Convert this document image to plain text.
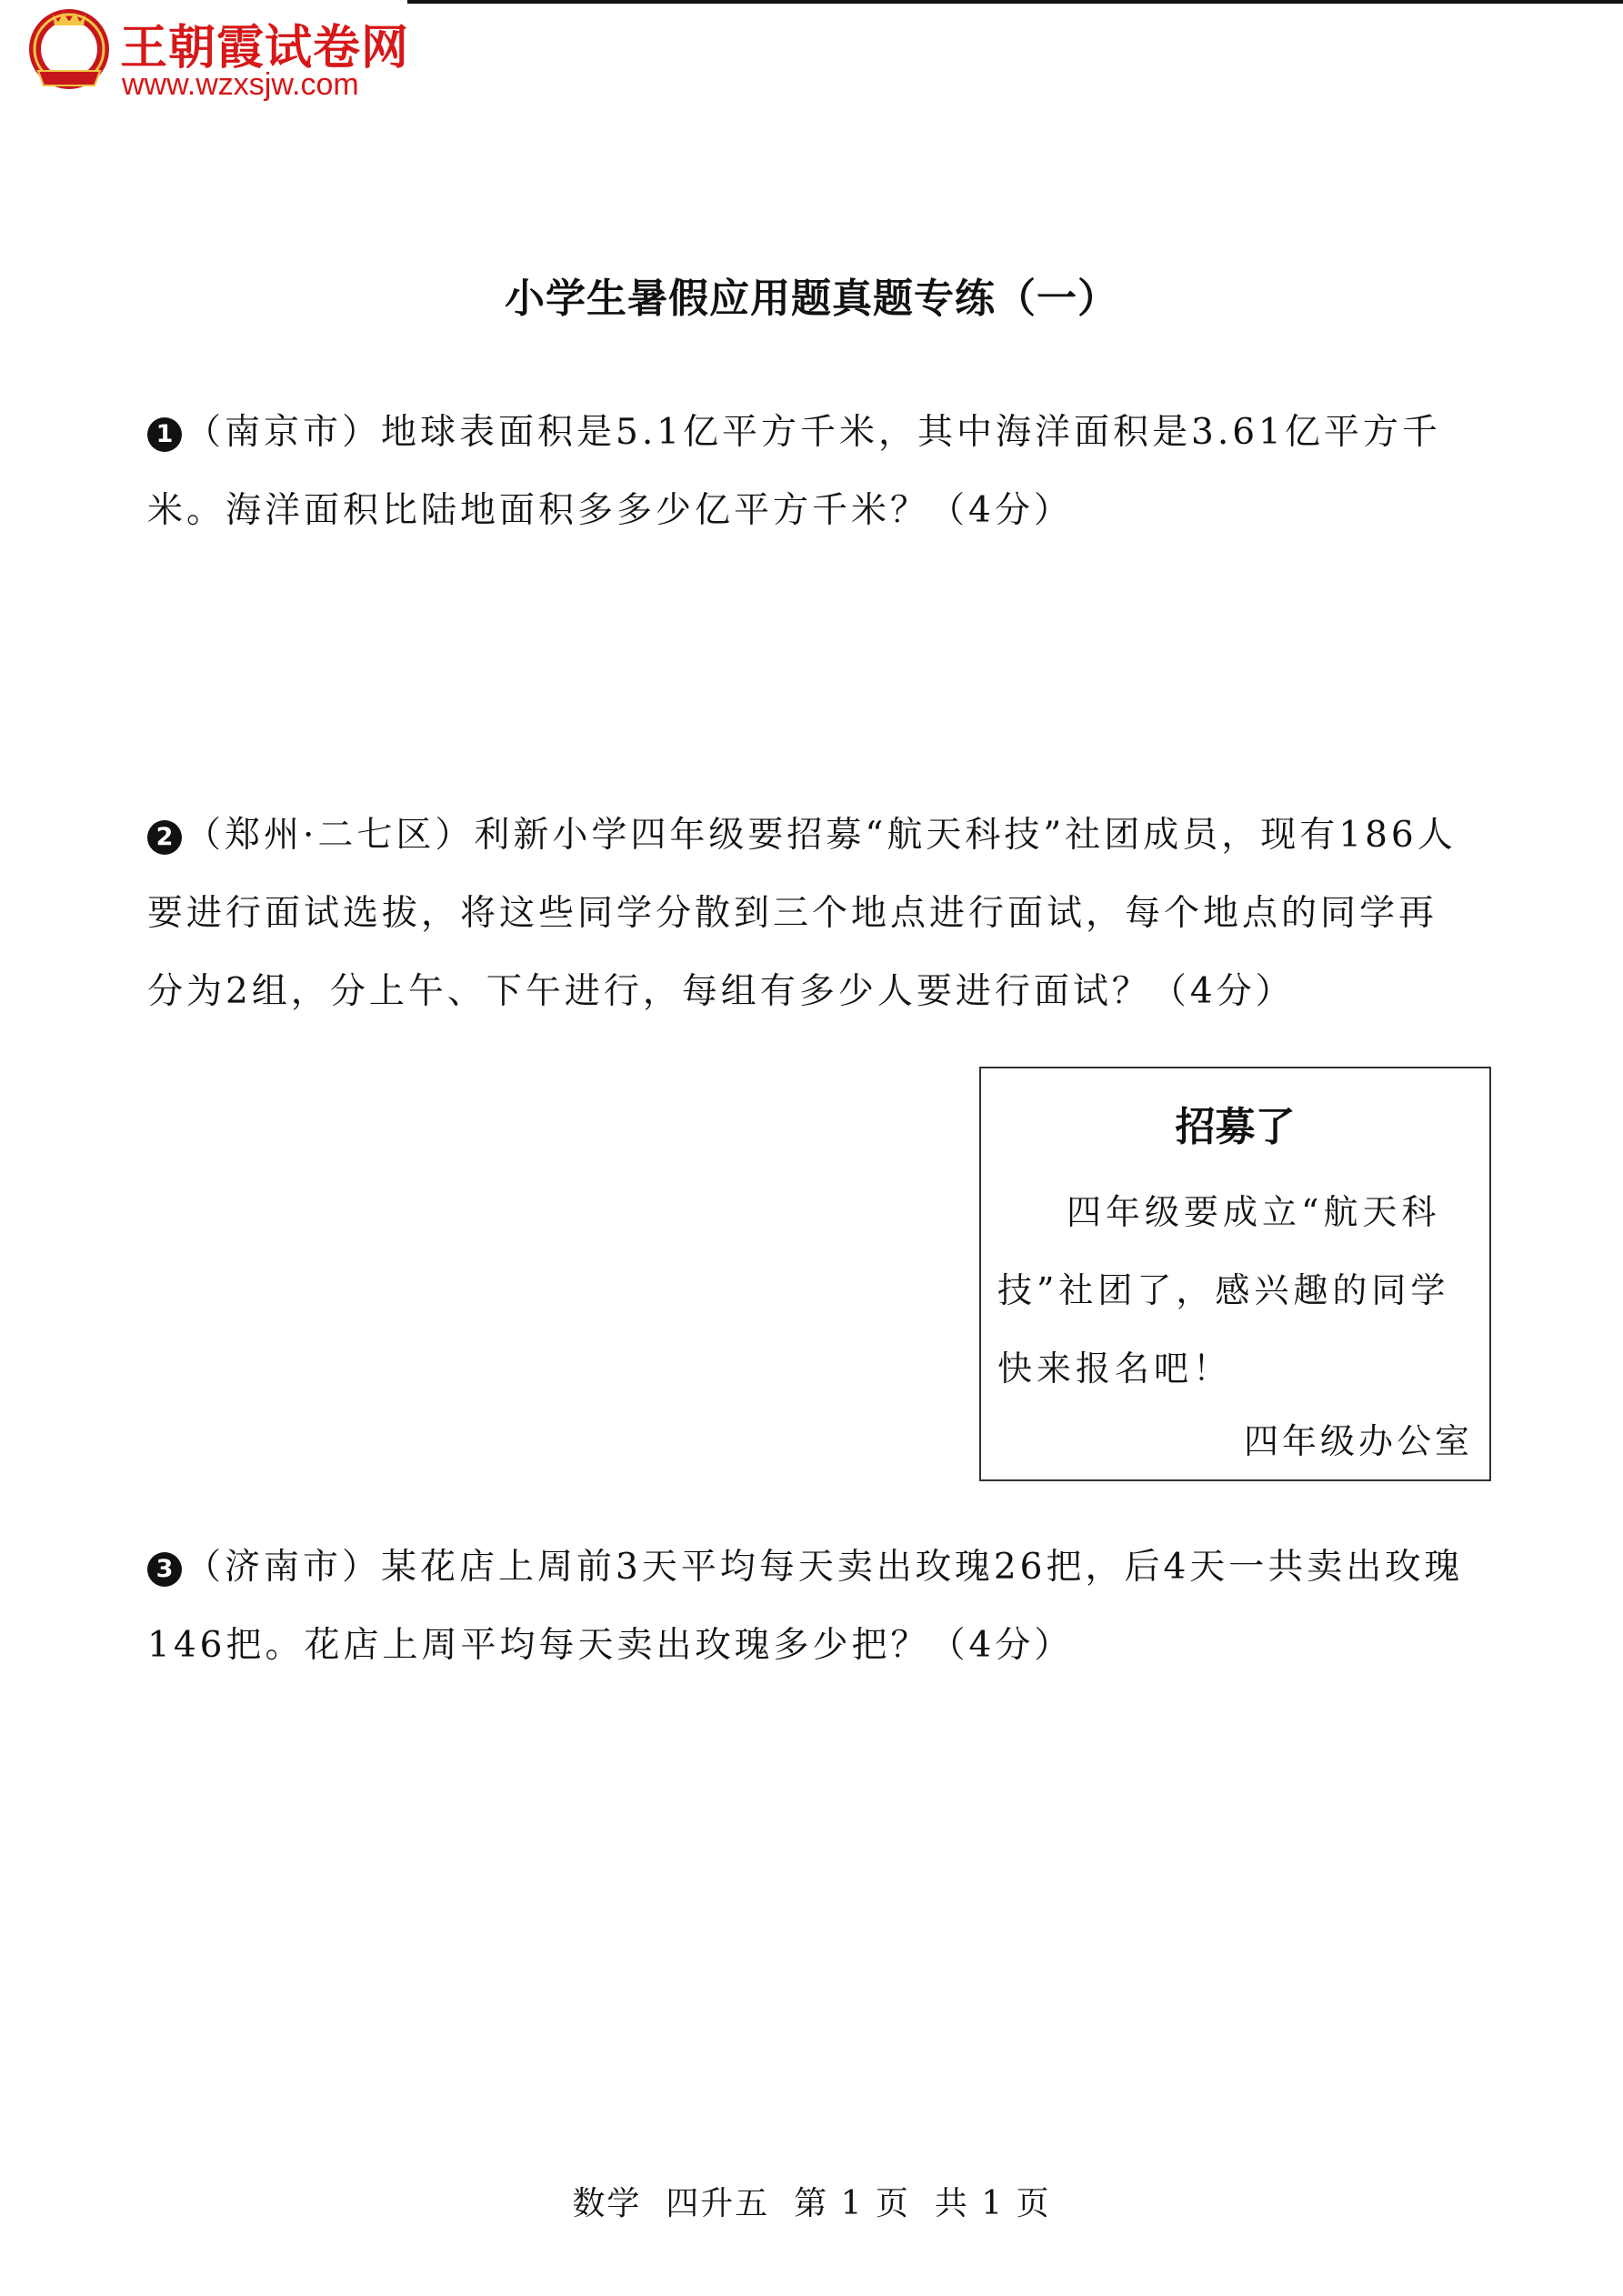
王朝霞试卷网
www.wzxsjw.com
小学生暑假应用题真题专练（一）
1 （南京市）地球表面积是5.1亿平方千米，其中海洋面积是3.61亿平方千米。海洋面积比陆地面积多多少亿平方千米？（4分）
2 （郑州·二七区）利新小学四年级要招募“航天科技”社团成员，现有186人要进行面试选拔，将这些同学分散到三个地点进行面试，每个地点的同学再分为2组，分上午、下午进行，每组有多少人要进行面试？（4分）
招募了
四年级要成立“航天科技”社团了，感兴趣的同学快来报名吧！
四年级办公室
3 （济南市）某花店上周前3天平均每天卖出玫瑰26把，后4天一共卖出玫瑰146把。花店上周平均每天卖出玫瑰多少把？（4分）
数学  四升五  第 1 页  共 1 页
